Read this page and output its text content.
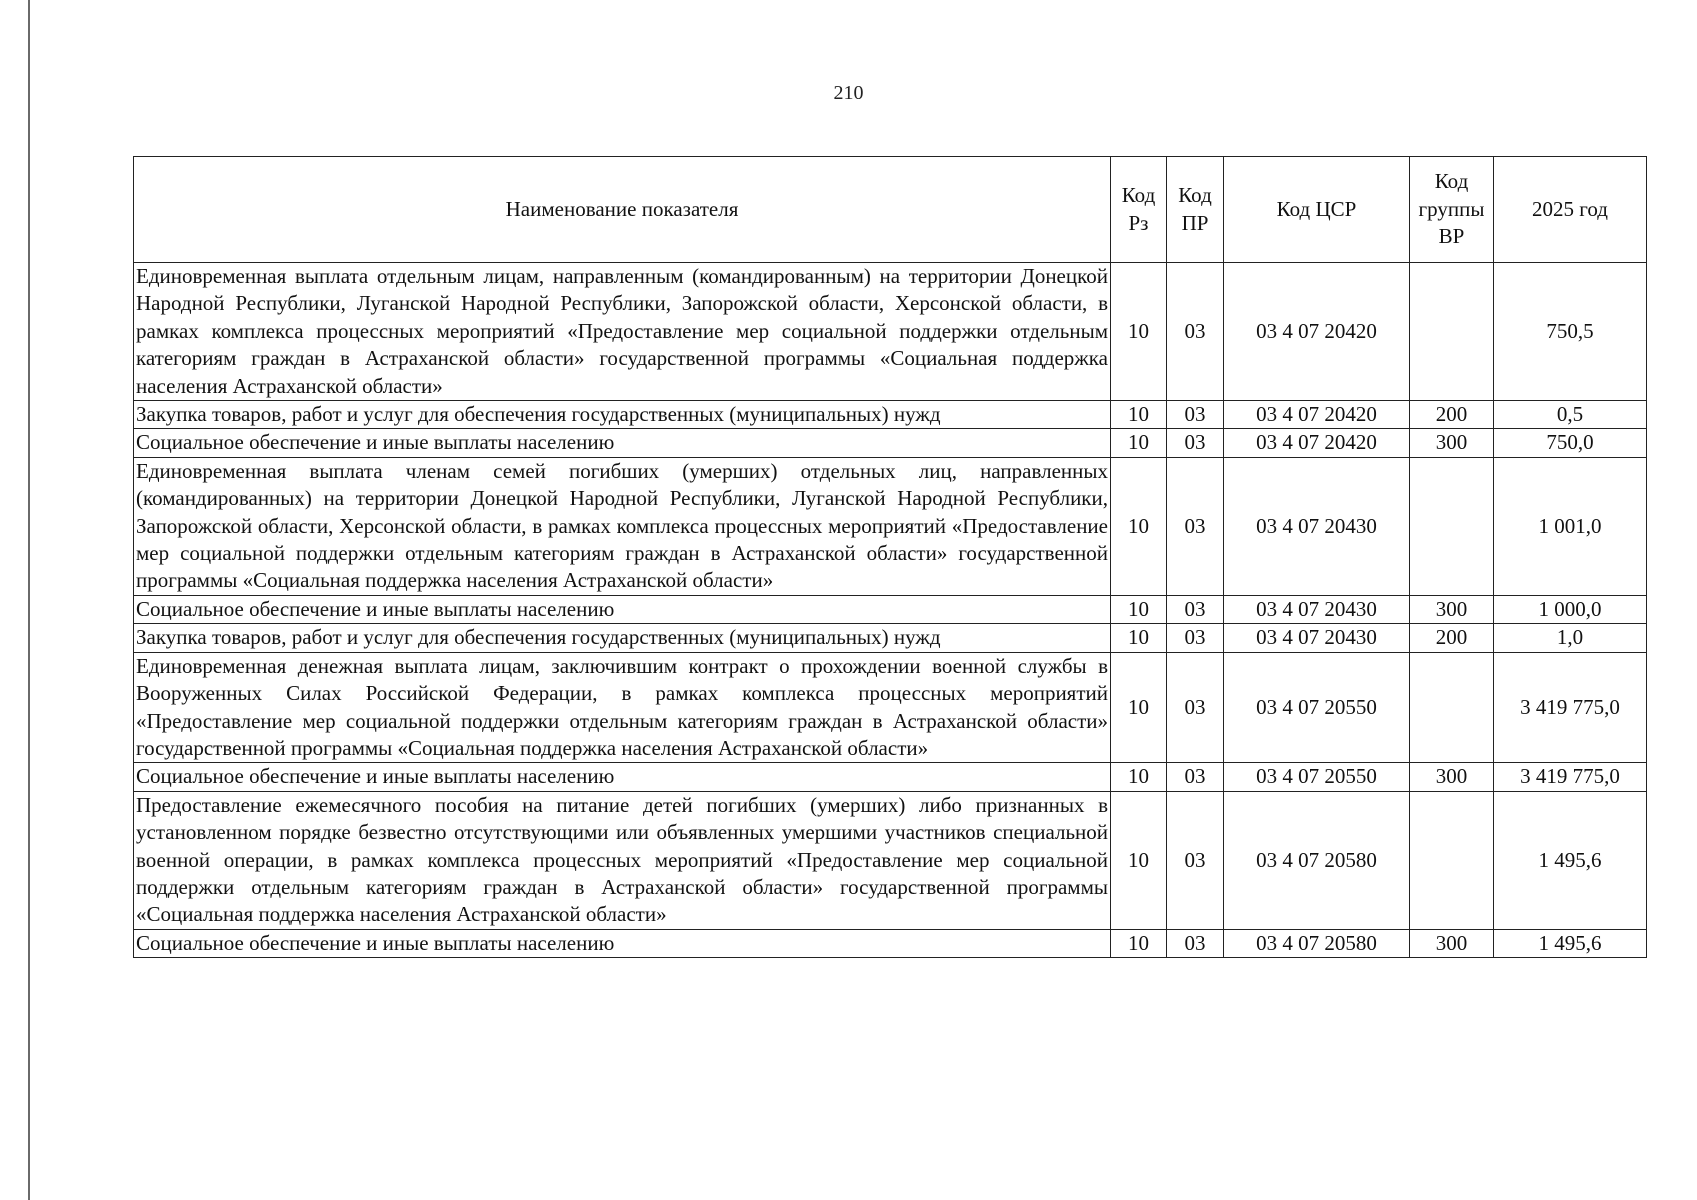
210
Наименование показателя	Код Рз	Код ПР	Код ЦСР	Код группы ВР	2025 год
Единовременная выплата отдельным лицам, направленным (командированным) на территории Донецкой Народной Республики, Луганской Народной Республики, Запорожской области, Херсонской области, в рамках комплекса процессных мероприятий «Предоставление мер социальной поддержки отдельным категориям граждан в Астраханской области» государственной программы «Социальная поддержка населения Астраханской области»	10	03	03 4 07 20420		750,5
Закупка товаров, работ и услуг для обеспечения государственных (муниципальных) нужд	10	03	03 4 07 20420	200	0,5
Социальное обеспечение и иные выплаты населению	10	03	03 4 07 20420	300	750,0
Единовременная выплата членам семей погибших (умерших) отдельных лиц, направленных (командированных) на территории Донецкой Народной Республики, Луганской Народной Республики, Запорожской области, Херсонской области, в рамках комплекса процессных мероприятий «Предоставление мер социальной поддержки отдельным категориям граждан в Астраханской области» государственной программы «Социальная поддержка населения Астраханской области»	10	03	03 4 07 20430		1 001,0
Социальное обеспечение и иные выплаты населению	10	03	03 4 07 20430	300	1 000,0
Закупка товаров, работ и услуг для обеспечения государственных (муниципальных) нужд	10	03	03 4 07 20430	200	1,0
Единовременная денежная выплата лицам, заключившим контракт о прохождении военной службы в Вооруженных Силах Российской Федерации, в рамках комплекса процессных мероприятий «Предоставление мер социальной поддержки отдельным категориям граждан в Астраханской области» государственной программы «Социальная поддержка населения Астраханской области»	10	03	03 4 07 20550		3 419 775,0
Социальное обеспечение и иные выплаты населению	10	03	03 4 07 20550	300	3 419 775,0
Предоставление ежемесячного пособия на питание детей погибших (умерших) либо признанных в установленном порядке безвестно отсутствующими или объявленных умершими участников специальной военной операции, в рамках комплекса процессных мероприятий «Предоставление мер социальной поддержки отдельным категориям граждан в Астраханской области» государственной программы «Социальная поддержка населения Астраханской области»	10	03	03 4 07 20580		1 495,6
Социальное обеспечение и иные выплаты населению	10	03	03 4 07 20580	300	1 495,6
